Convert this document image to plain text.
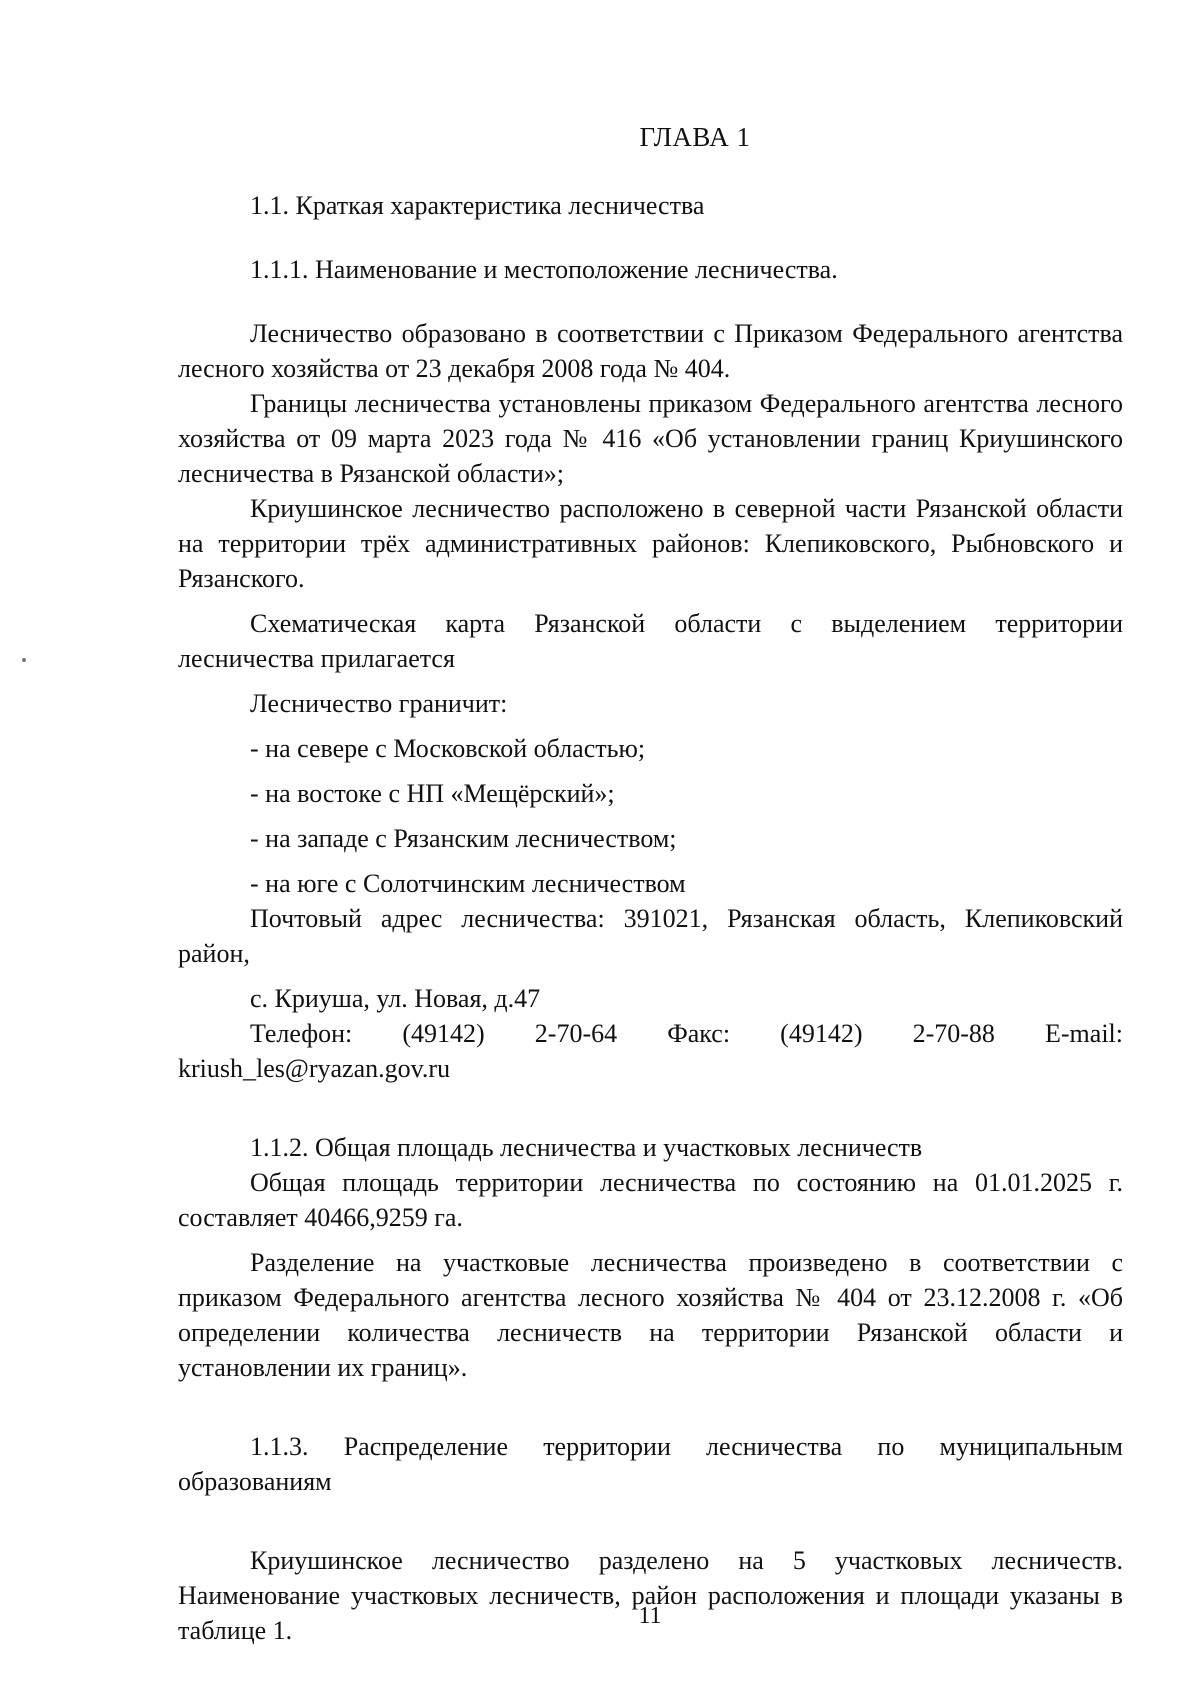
ГЛАВА 1

1.1. Краткая характеристика лесничества

1.1.1. Наименование и местоположение лесничества.

Лесничество образовано в соответствии с Приказом Федерального агентства лесного хозяйства от 23 декабря 2008 года № 404.

Границы лесничества установлены приказом Федерального агентства лесного хозяйства от 09 марта 2023 года № 416 «Об установлении границ Криушинского лесничества в Рязанской области»;

Криушинское лесничество расположено в северной части Рязанской области на территории трёх административных районов: Клепиковского, Рыбновского и Рязанского.

Схематическая карта Рязанской области с выделением территории лесничества прилагается

Лесничество граничит:

- на севере с Московской областью;

- на востоке с НП «Мещёрский»;

- на западе с Рязанским лесничеством;

- на юге с Солотчинским лесничеством

Почтовый адрес лесничества: 391021, Рязанская область, Клепиковский район,

с. Криуша, ул. Новая, д.47

Телефон: (49142) 2-70-64 Факс: (49142) 2-70-88 E-mail: kriush_les@ryazan.gov.ru

1.1.2. Общая площадь лесничества и участковых лесничеств

Общая площадь территории лесничества по состоянию на 01.01.2025 г. составляет 40466,9259 га.

Разделение на участковые лесничества произведено в соответствии с приказом Федерального агентства лесного хозяйства № 404 от 23.12.2008 г. «Об определении количества лесничеств на территории Рязанской области и установлении их границ».

1.1.3. Распределение территории лесничества по муниципальным образованиям

Криушинское лесничество разделено на 5 участковых лесничеств. Наименование участковых лесничеств, район расположения и площади указаны в таблице 1.	11
